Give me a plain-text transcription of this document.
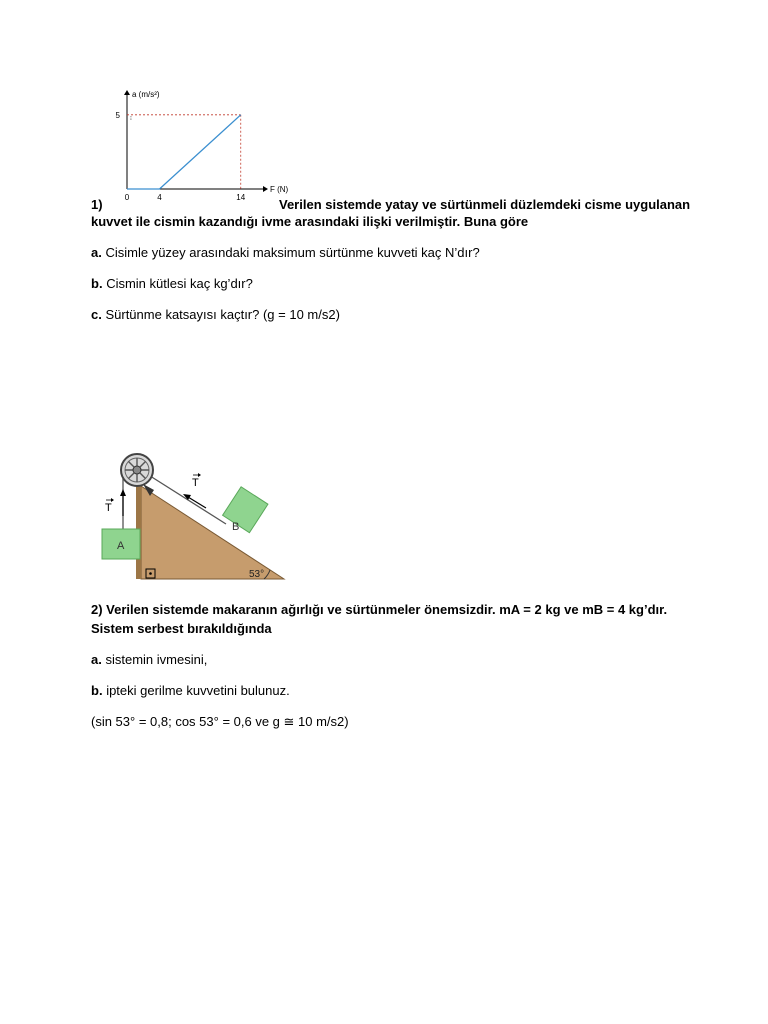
a (m/s²)
F (N)
⁝
0	4	14
5
1)	Verilen sistemde yatay ve sürtünmeli düzlemdeki cisme uygulanan
kuvvet ile cismin kazandığı ivme arasındaki ilişki verilmiştir. Buna göre
a. Cisimle yüzey arasındaki maksimum sürtünme kuvveti kaç N’dır?
b. Cismin kütlesi kaç kg’dır?
c. Sürtünme katsayısı kaçtır? (g = 10 m/s2)
53°
A
B
T
T
2) Verilen sistemde makaranın ağırlığı ve sürtünmeler önemsizdir. mA = 2 kg ve mB = 4 kg’dır.
Sistem serbest bırakıldığında
a. sistemin ivmesini,
b. ipteki gerilme kuvvetini bulunuz.
(sin 53° = 0,8; cos 53° = 0,6 ve g ≅ 10 m/s2)
